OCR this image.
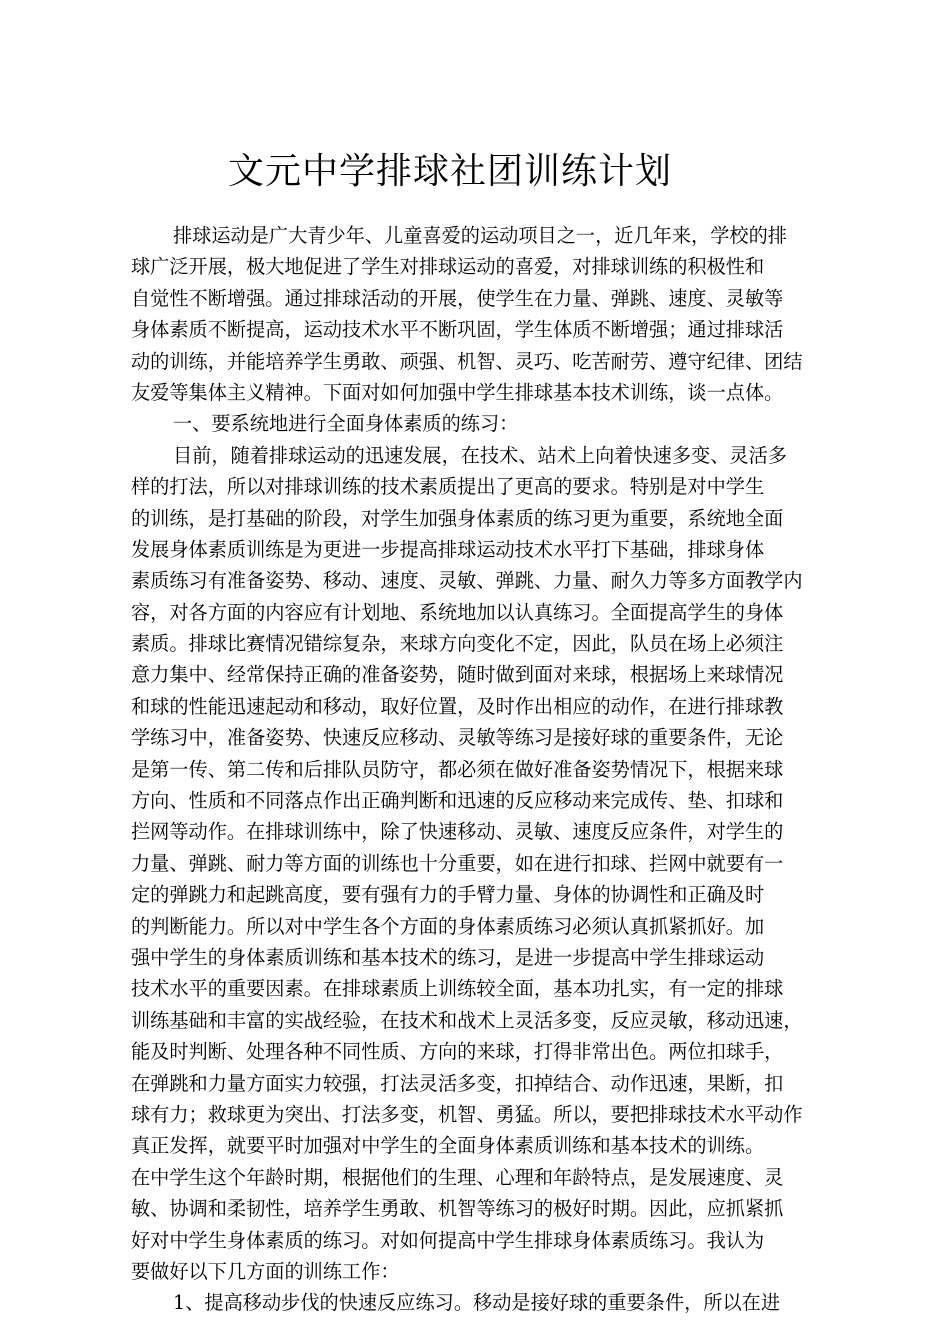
文元中学排球社团训练计划
排球运动是广大青少年、儿童喜爱的运动项目之一，近几年来，学校的排
球广泛开展，极大地促进了学生对排球运动的喜爱，对排球训练的积极性和
自觉性不断增强。通过排球活动的开展，使学生在力量、弹跳、速度、灵敏等
身体素质不断提高，运动技术水平不断巩固，学生体质不断增强；通过排球活
动的训练，并能培养学生勇敢、顽强、机智、灵巧、吃苦耐劳、遵守纪律、团结
友爱等集体主义精神。下面对如何加强中学生排球基本技术训练，谈一点体。
一、要系统地进行全面身体素质的练习：
目前，随着排球运动的迅速发展，在技术、站术上向着快速多变、灵活多
样的打法，所以对排球训练的技术素质提出了更高的要求。特别是对中学生
的训练，是打基础的阶段，对学生加强身体素质的练习更为重要，系统地全面
发展身体素质训练是为更进一步提高排球运动技术水平打下基础，排球身体
素质练习有准备姿势、移动、速度、灵敏、弹跳、力量、耐久力等多方面教学内
容，对各方面的内容应有计划地、系统地加以认真练习。全面提高学生的身体
素质。排球比赛情况错综复杂，来球方向变化不定，因此，队员在场上必须注
意力集中、经常保持正确的准备姿势，随时做到面对来球，根据场上来球情况
和球的性能迅速起动和移动，取好位置，及时作出相应的动作，在进行排球教
学练习中，准备姿势、快速反应移动、灵敏等练习是接好球的重要条件，无论
是第一传、第二传和后排队员防守，都必须在做好准备姿势情况下，根据来球
方向、性质和不同落点作出正确判断和迅速的反应移动来完成传、垫、扣球和
拦网等动作。在排球训练中，除了快速移动、灵敏、速度反应条件，对学生的
力量、弹跳、耐力等方面的训练也十分重要，如在进行扣球、拦网中就要有一
定的弹跳力和起跳高度，要有强有力的手臂力量、身体的协调性和正确及时
的判断能力。所以对中学生各个方面的身体素质练习必须认真抓紧抓好。加
强中学生的身体素质训练和基本技术的练习，是进一步提高中学生排球运动
技术水平的重要因素。在排球素质上训练较全面，基本功扎实，有一定的排球
训练基础和丰富的实战经验，在技术和战术上灵活多变，反应灵敏，移动迅速，
能及时判断、处理各种不同性质、方向的来球，打得非常出色。两位扣球手，
在弹跳和力量方面实力较强，打法灵活多变，扣掉结合、动作迅速，果断，扣
球有力；救球更为突出、打法多变，机智、勇猛。所以，要把排球技术水平动作
真正发挥，就要平时加强对中学生的全面身体素质训练和基本技术的训练。
在中学生这个年龄时期，根据他们的生理、心理和年龄特点，是发展速度、灵
敏、协调和柔韧性，培养学生勇敢、机智等练习的极好时期。因此，应抓紧抓
好对中学生身体素质的练习。对如何提高中学生排球身体素质练习。我认为
要做好以下几方面的训练工作：
1、提高移动步伐的快速反应练习。移动是接好球的重要条件，所以在进
